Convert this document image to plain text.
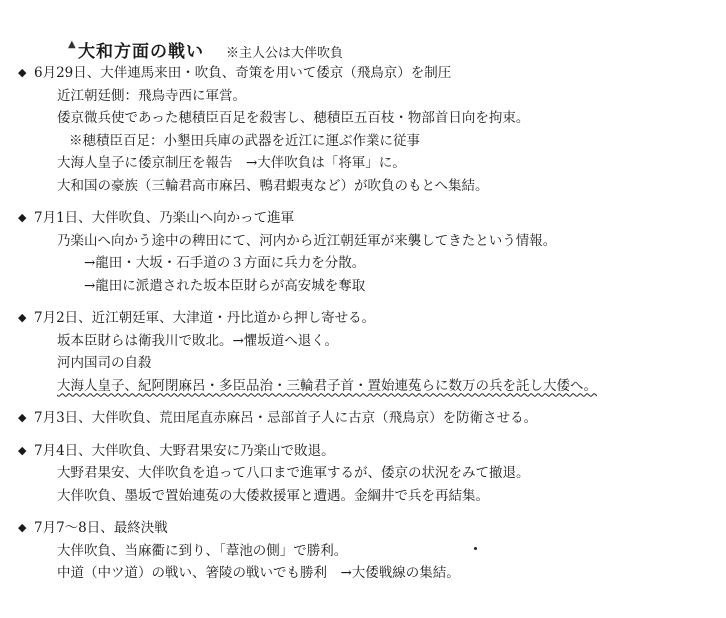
▲ 大和方面の戦い ※主人公は大伴吹負
◆ 6月29日、大伴連馬来田・吹負、奇策を用いて倭京（飛鳥京）を制圧
近江朝廷側：飛鳥寺西に軍営。
倭京微兵使であった穂積臣百足を殺害し、穂積臣五百枝・物部首日向を拘束。
※穂積臣百足：小墾田兵庫の武器を近江に運ぶ作業に従事
大海人皇子に倭京制圧を報告　→大伴吹負は「将軍」に。
大和国の豪族（三輪君高市麻呂、鴨君蝦夷など）が吹負のもとへ集結。
◆ 7月1日、大伴吹負、乃楽山へ向かって進軍
乃楽山へ向かう途中の稗田にて、河内から近江朝廷軍が来襲してきたという情報。
→龍田・大坂・石手道の３方面に兵力を分散。
→龍田に派遣された坂本臣財らが高安城を奪取
◆ 7月2日、近江朝廷軍、大津道・丹比道から押し寄せる。
坂本臣財らは衛我川で敗北。→懼坂道へ退く。
河内国司の自殺
大海人皇子、紀阿閉麻呂・多臣品治・三輪君子首・置始連菟らに数万の兵を託し大倭へ。
◆ 7月3日、大伴吹負、荒田尾直赤麻呂・忌部首子人に古京（飛鳥京）を防衛させる。
◆ 7月4日、大伴吹負、大野君果安に乃楽山で敗退。
大野君果安、大伴吹負を追って八口まで進軍するが、倭京の状況をみて撤退。
大伴吹負、墨坂で置始連菟の大倭救援軍と遭遇。金綱井で兵を再結集。
◆ 7月7～8日、最終決戦
大伴吹負、当麻衢に到り、「葦池の側」で勝利。
中道（中ツ道）の戦い、箸陵の戦いでも勝利　→大倭戦線の集結。
